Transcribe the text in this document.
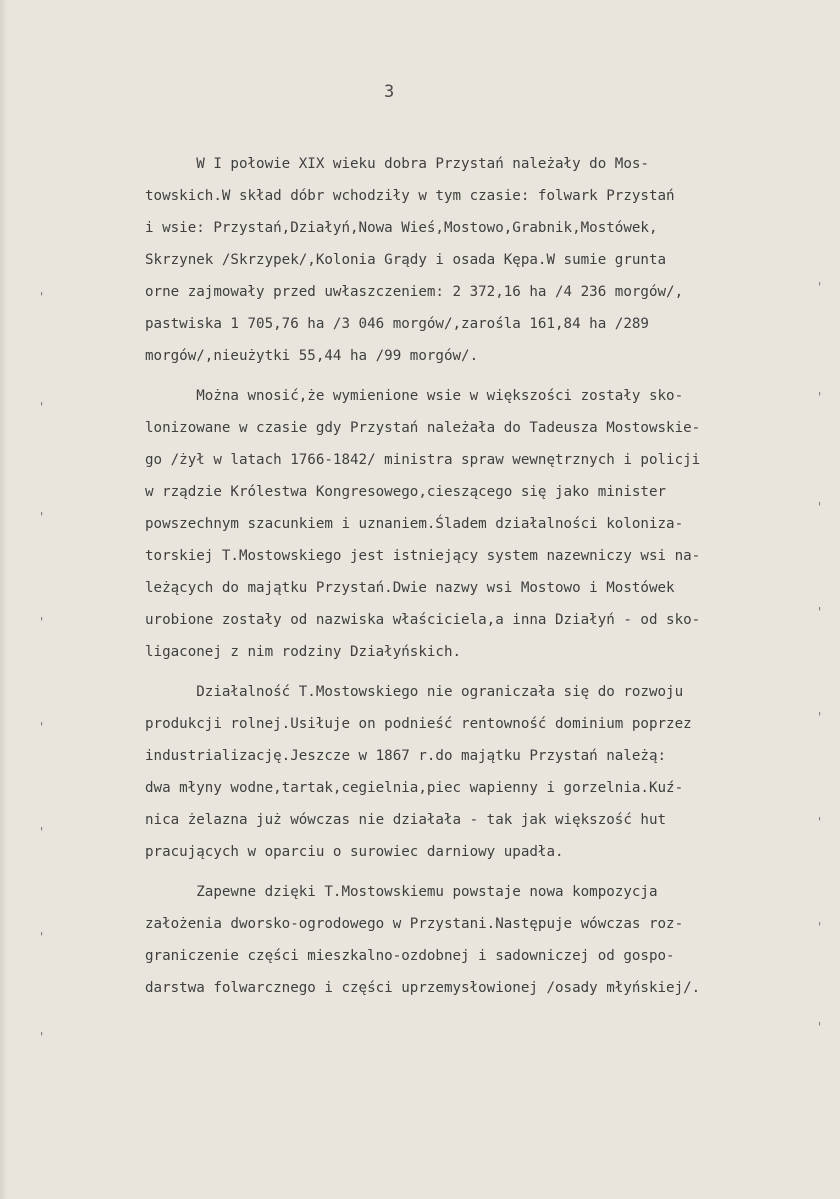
3

W I połowie XIX wieku dobra Przystań należały do Mos-
towskich.W skład dóbr wchodziły w tym czasie: folwark Przystań
i wsie: Przystań,Działyń,Nowa Wieś,Mostowo,Grabnik,Mostówek,
Skrzynek /Skrzypek/,Kolonia Grądy i osada Kępa.W sumie grunta
orne zajmowały przed uwłaszczeniem: 2 372,16 ha /4 236 morgów/,
pastwiska 1 705,76 ha /3 046 morgów/,zarośla 161,84 ha /289
morgów/,nieużytki 55,44 ha /99 morgów/.
Można wnosić,że wymienione wsie w większości zostały sko-
lonizowane w czasie gdy Przystań należała do Tadeusza Mostowskie-
go /żył w latach 1766-1842/ ministra spraw wewnętrznych i policji
w rządzie Królestwa Kongresowego,cieszącego się jako minister
powszechnym szacunkiem i uznaniem.Śladem działalności koloniza-
torskiej T.Mostowskiego jest istniejący system nazewniczy wsi na-
leżących do majątku Przystań.Dwie nazwy wsi Mostowo i Mostówek
urobione zostały od nazwiska właściciela,a inna Działyń - od sko-
ligaconej z nim rodziny Działyńskich.
Działalność T.Mostowskiego nie ograniczała się do rozwoju
produkcji rolnej.Usiłuje on podnieść rentowność dominium poprzez
industrializację.Jeszcze w 1867 r.do majątku Przystań należą:
dwa młyny wodne,tartak,cegielnia,piec wapienny i gorzelnia.Kuź-
nica żelazna już wówczas nie działała - tak jak większość hut
pracujących w oparciu o surowiec darniowy upadła.
Zapewne dzięki T.Mostowskiemu powstaje nowa kompozycja
założenia dworsko-ogrodowego w Przystani.Następuje wówczas roz-
graniczenie części mieszkalno-ozdobnej i sadowniczej od gospo-
darstwa folwarcznego i części uprzemysłowionej /osady młyńskiej/.
'
'
'
'
'
'
'
'
'
'
'
'
'
'
'
'
